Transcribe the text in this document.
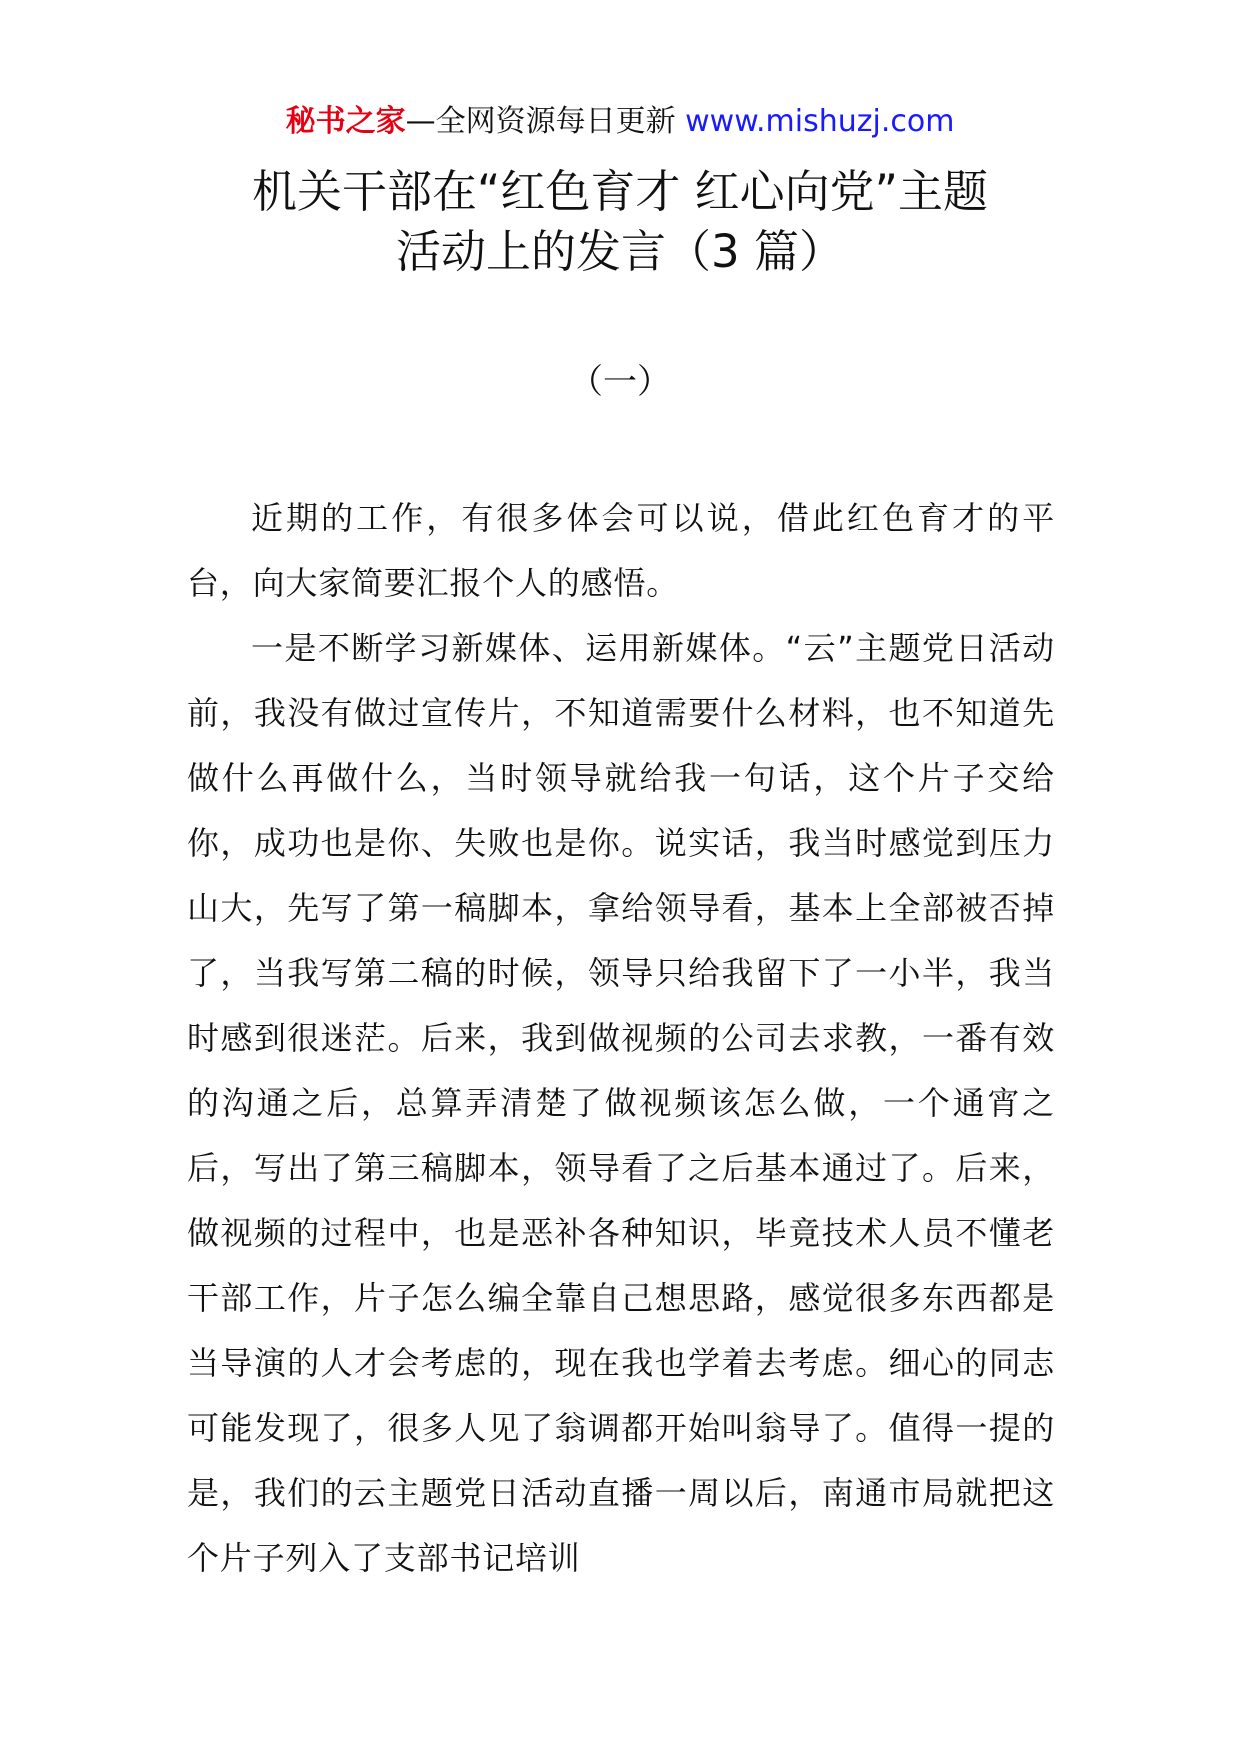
秘书之家—全网资源每日更新 www.mishuzj.com
机关干部在“红色育才 红心向党”主题
活动上的发言（3 篇）
（一）

近期的工作，有很多体会可以说，借此红色育才的平台，向大家简要汇报个人的感悟。

一是不断学习新媒体、运用新媒体。“云”主题党日活动前，我没有做过宣传片，不知道需要什么材料，也不知道先做什么再做什么，当时领导就给我一句话，这个片子交给你，成功也是你、失败也是你。说实话，我当时感觉到压力山大，先写了第一稿脚本，拿给领导看，基本上全部被否掉了，当我写第二稿的时候，领导只给我留下了一小半，我当时感到很迷茫。后来，我到做视频的公司去求教，一番有效的沟通之后，总算弄清楚了做视频该怎么做，一个通宵之后，写出了第三稿脚本，领导看了之后基本通过了。后来，做视频的过程中，也是恶补各种知识，毕竟技术人员不懂老干部工作，片子怎么编全靠自己想思路，感觉很多东西都是当导演的人才会考虑的，现在我也学着去考虑。细心的同志可能发现了，很多人见了翁调都开始叫翁导了。值得一提的是，我们的云主题党日活动直播一周以后，南通市局就把这个片子列入了支部书记培训
